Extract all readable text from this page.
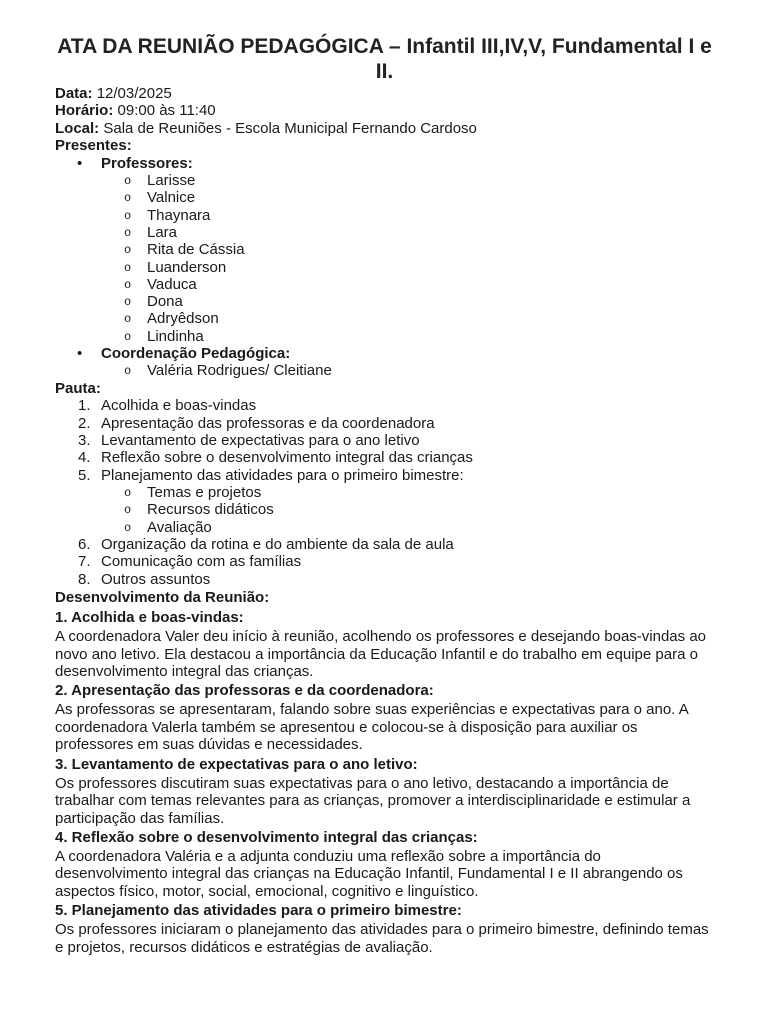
ATA DA REUNIÃO PEDAGÓGICA – Infantil III,IV,V, Fundamental I e II.

Data: 12/03/2025

Horário: 09:00 às 11:40

Local: Sala de Reuniões - Escola Municipal Fernando Cardoso

Presentes:

• Professores:
o Larisse
o Valnice
o Thaynara
o Lara
o Rita de Cássia
o Luanderson
o Vaduca
o Dona
o Adryêdson
o Lindinha
• Coordenação Pedagógica:
o Valéria Rodrigues/ Cleitiane

Pauta:

1. Acolhida e boas-vindas
2. Apresentação das professoras e da coordenadora
3. Levantamento de expectativas para o ano letivo
4. Reflexão sobre o desenvolvimento integral das crianças
5. Planejamento das atividades para o primeiro bimestre:
o Temas e projetos
o Recursos didáticos
o Avaliação
6. Organização da rotina e do ambiente da sala de aula
7. Comunicação com as famílias
8. Outros assuntos

Desenvolvimento da Reunião:

1. Acolhida e boas-vindas:

A coordenadora Valer deu início à reunião, acolhendo os professores e desejando boas-vindas ao novo ano letivo. Ela destacou a importância da Educação Infantil e do trabalho em equipe para o desenvolvimento integral das crianças.

2. Apresentação das professoras e da coordenadora:

As professoras se apresentaram, falando sobre suas experiências e expectativas para o ano. A coordenadora Valerla também se apresentou e colocou-se à disposição para auxiliar os professores em suas dúvidas e necessidades.

3. Levantamento de expectativas para o ano letivo:

Os professores discutiram suas expectativas para o ano letivo, destacando a importância de trabalhar com temas relevantes para as crianças, promover a interdisciplinaridade e estimular a participação das famílias.

4. Reflexão sobre o desenvolvimento integral das crianças:

A coordenadora Valéria e a adjunta conduziu uma reflexão sobre a importância do desenvolvimento integral das crianças na Educação Infantil, Fundamental I e II abrangendo os aspectos físico, motor, social, emocional, cognitivo e linguístico.

5. Planejamento das atividades para o primeiro bimestre:

Os professores iniciaram o planejamento das atividades para o primeiro bimestre, definindo temas e projetos, recursos didáticos e estratégias de avaliação.
